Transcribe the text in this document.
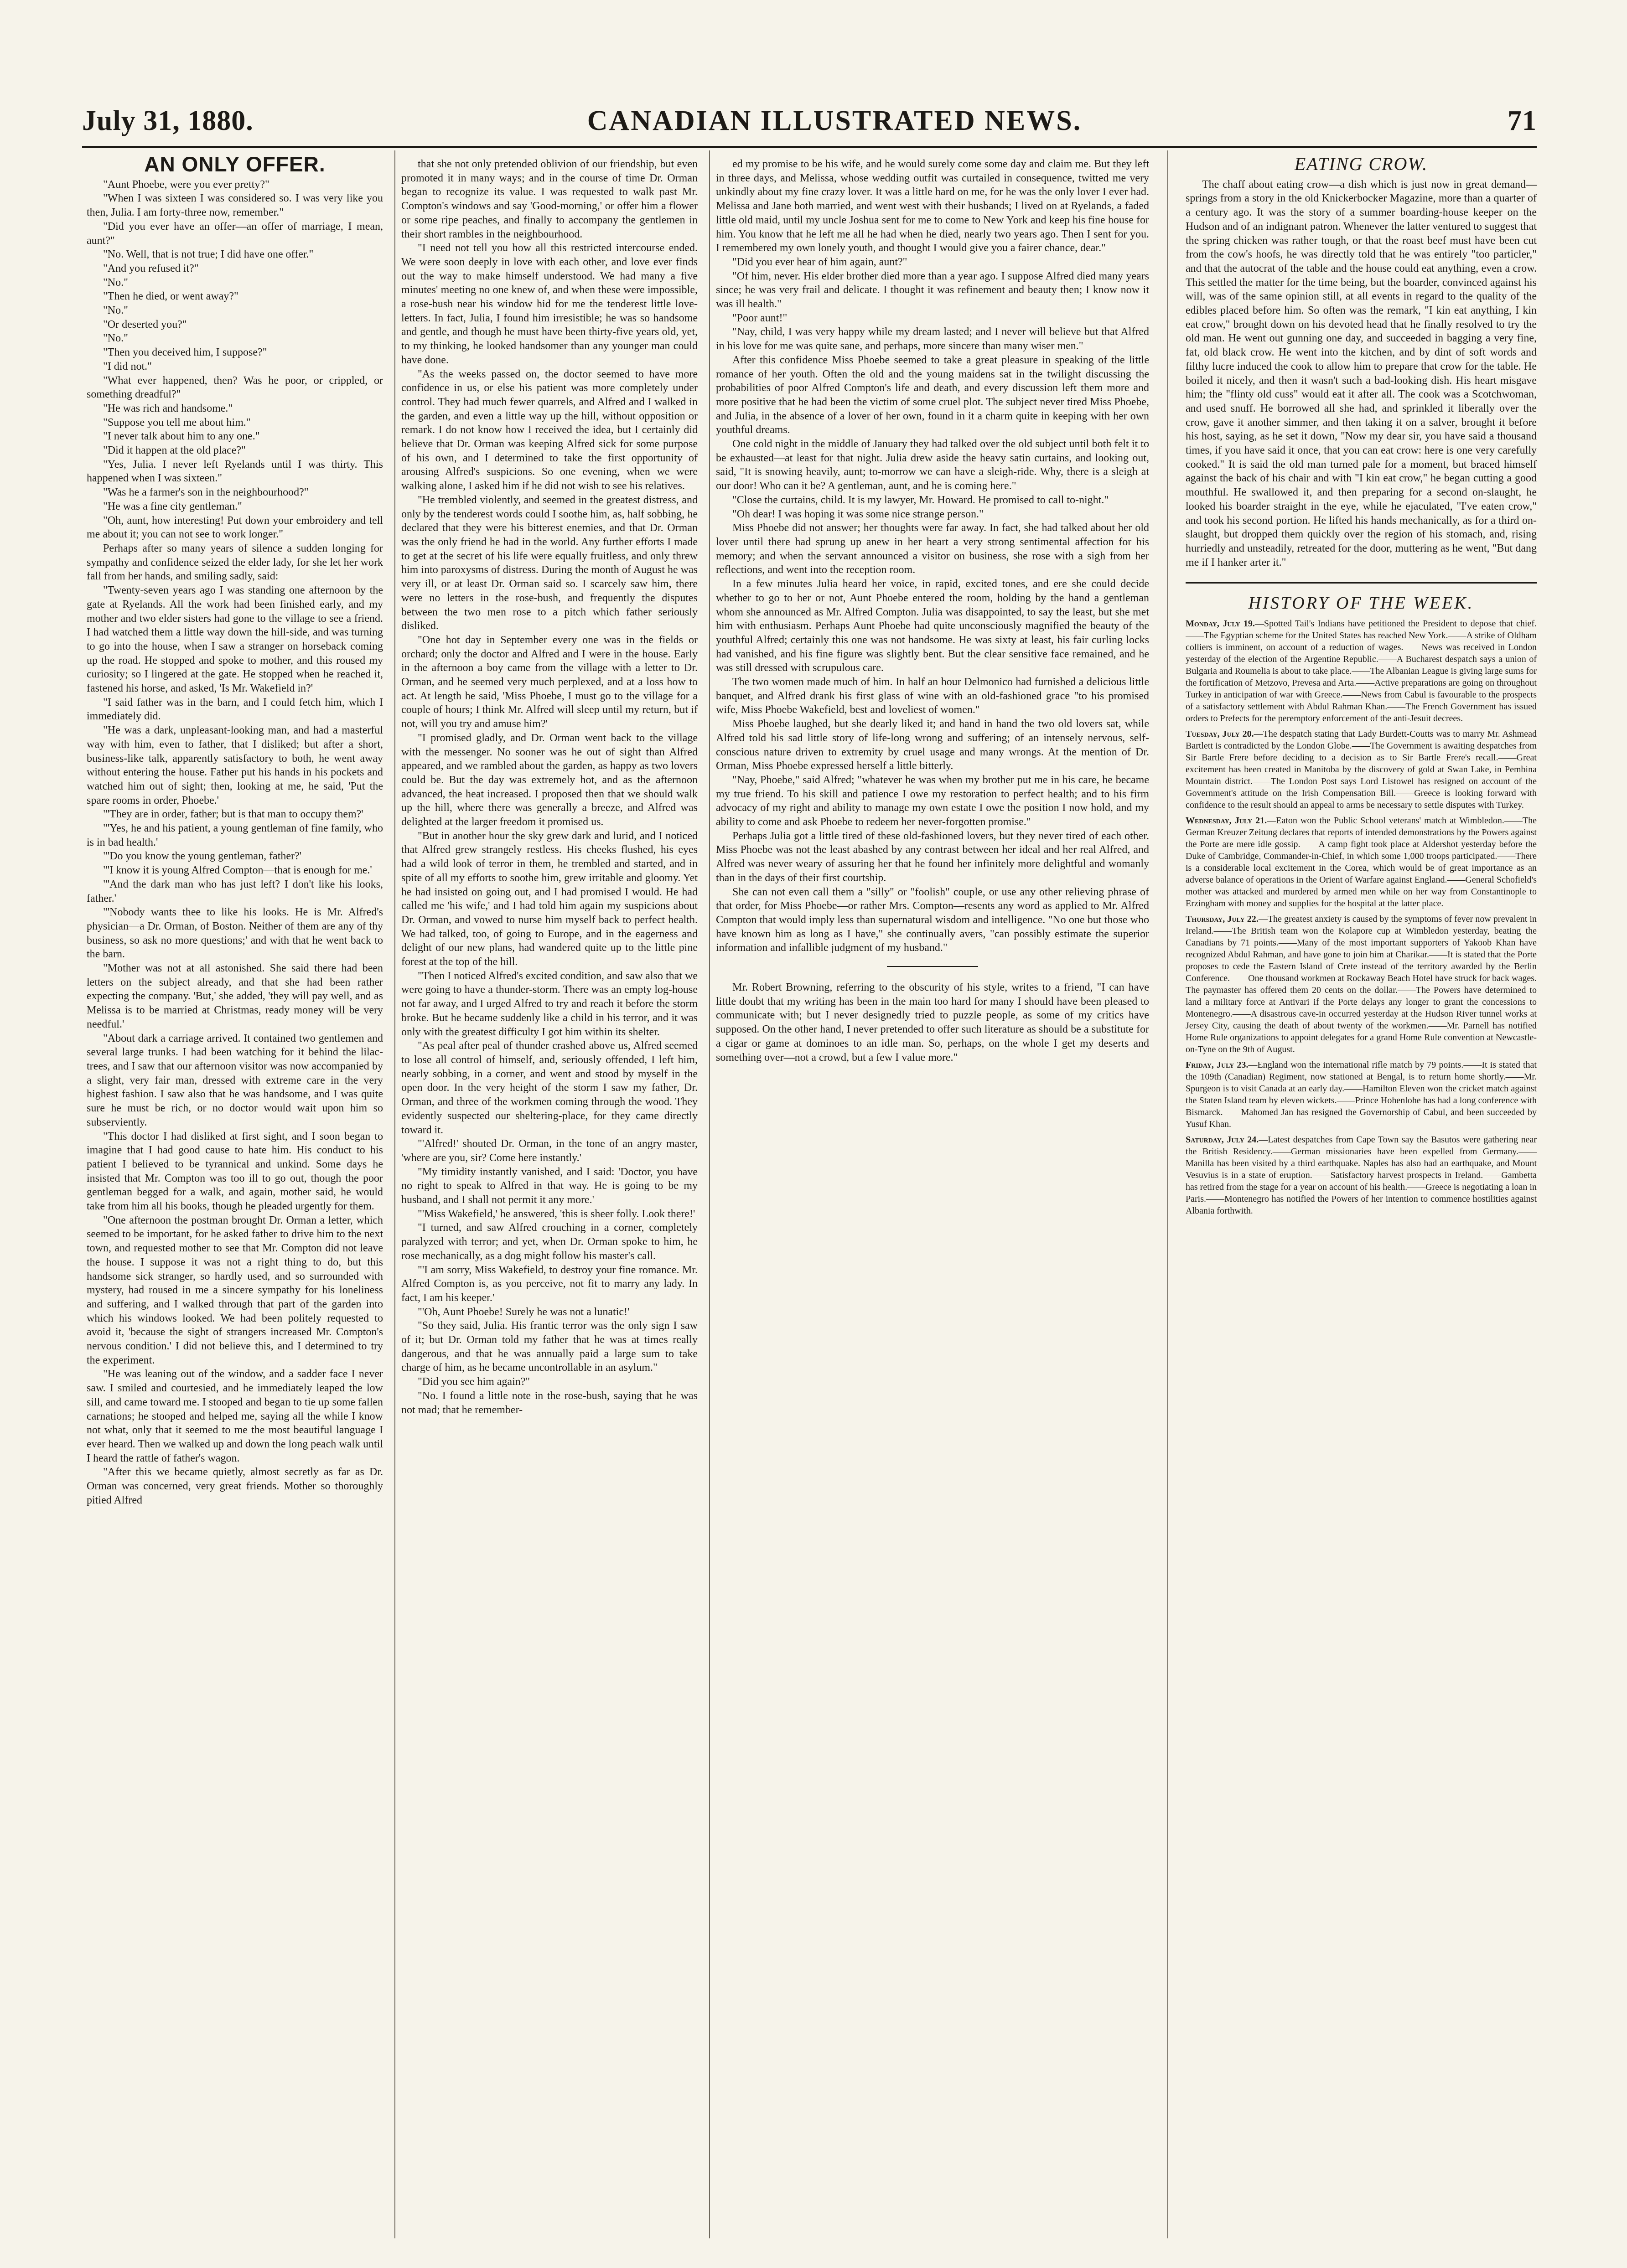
July 31, 1880.	CANADIAN ILLUSTRATED NEWS.	71
AN ONLY OFFER.

"Aunt Phoebe, were you ever pretty?"

"When I was sixteen I was considered so. I was very like you then, Julia. I am forty-three now, remember."

"Did you ever have an offer—an offer of marriage, I mean, aunt?"

"No. Well, that is not true; I did have one offer."

"And you refused it?"

"No."

"Then he died, or went away?"

"No."

"Or deserted you?"

"No."

"Then you deceived him, I suppose?"

"I did not."

"What ever happened, then? Was he poor, or crippled, or something dreadful?"

"He was rich and handsome."

"Suppose you tell me about him."

"I never talk about him to any one."

"Did it happen at the old place?"

"Yes, Julia. I never left Ryelands until I was thirty. This happened when I was sixteen."

"Was he a farmer's son in the neighbourhood?"

"He was a fine city gentleman."

"Oh, aunt, how interesting! Put down your embroidery and tell me about it; you can not see to work longer."

Perhaps after so many years of silence a sudden longing for sympathy and confidence seized the elder lady, for she let her work fall from her hands, and smiling sadly, said:

"Twenty-seven years ago I was standing one afternoon by the gate at Ryelands. All the work had been finished early, and my mother and two elder sisters had gone to the village to see a friend. I had watched them a little way down the hill-side, and was turning to go into the house, when I saw a stranger on horseback coming up the road. He stopped and spoke to mother, and this roused my curiosity; so I lingered at the gate. He stopped when he reached it, fastened his horse, and asked, 'Is Mr. Wakefield in?'

"I said father was in the barn, and I could fetch him, which I immediately did.

"He was a dark, unpleasant-looking man, and had a masterful way with him, even to father, that I disliked; but after a short, business-like talk, apparently satisfactory to both, he went away without entering the house. Father put his hands in his pockets and watched him out of sight; then, looking at me, he said, 'Put the spare rooms in order, Phoebe.'

"'They are in order, father; but is that man to occupy them?'

"'Yes, he and his patient, a young gentleman of fine family, who is in bad health.'

"'Do you know the young gentleman, father?'

"'I know it is young Alfred Compton—that is enough for me.'

"'And the dark man who has just left? I don't like his looks, father.'

"'Nobody wants thee to like his looks. He is Mr. Alfred's physician—a Dr. Orman, of Boston. Neither of them are any of thy business, so ask no more questions;' and with that he went back to the barn.

"Mother was not at all astonished. She said there had been letters on the subject already, and that she had been rather expecting the company. 'But,' she added, 'they will pay well, and as Melissa is to be married at Christmas, ready money will be very needful.'

"About dark a carriage arrived. It contained two gentlemen and several large trunks. I had been watching for it behind the lilac-trees, and I saw that our afternoon visitor was now accompanied by a slight, very fair man, dressed with extreme care in the very highest fashion. I saw also that he was handsome, and I was quite sure he must be rich, or no doctor would wait upon him so subserviently.

"This doctor I had disliked at first sight, and I soon began to imagine that I had good cause to hate him. His conduct to his patient I believed to be tyrannical and unkind. Some days he insisted that Mr. Compton was too ill to go out, though the poor gentleman begged for a walk, and again, mother said, he would take from him all his books, though he pleaded urgently for them.

"One afternoon the postman brought Dr. Orman a letter, which seemed to be important, for he asked father to drive him to the next town, and requested mother to see that Mr. Compton did not leave the house. I suppose it was not a right thing to do, but this handsome sick stranger, so hardly used, and so surrounded with mystery, had roused in me a sincere sympathy for his loneliness and suffering, and I walked through that part of the garden into which his windows looked. We had been politely requested to avoid it, 'because the sight of strangers increased Mr. Compton's nervous condition.' I did not believe this, and I determined to try the experiment.

"He was leaning out of the window, and a sadder face I never saw. I smiled and courtesied, and he immediately leaped the low sill, and came toward me. I stooped and began to tie up some fallen carnations; he stooped and helped me, saying all the while I know not what, only that it seemed to me the most beautiful language I ever heard. Then we walked up and down the long peach walk until I heard the rattle of father's wagon.

"After this we became quietly, almost secretly as far as Dr. Orman was concerned, very great friends. Mother so thoroughly pitied Alfred

that she not only pretended oblivion of our friendship, but even promoted it in many ways; and in the course of time Dr. Orman began to recognize its value. I was requested to walk past Mr. Compton's windows and say 'Good-morning,' or offer him a flower or some ripe peaches, and finally to accompany the gentlemen in their short rambles in the neighbourhood.

"I need not tell you how all this restricted intercourse ended. We were soon deeply in love with each other, and love ever finds out the way to make himself understood. We had many a five minutes' meeting no one knew of, and when these were impossible, a rose-bush near his window hid for me the tenderest little love-letters. In fact, Julia, I found him irresistible; he was so handsome and gentle, and though he must have been thirty-five years old, yet, to my thinking, he looked handsomer than any younger man could have done.

"As the weeks passed on, the doctor seemed to have more confidence in us, or else his patient was more completely under control. They had much fewer quarrels, and Alfred and I walked in the garden, and even a little way up the hill, without opposition or remark. I do not know how I received the idea, but I certainly did believe that Dr. Orman was keeping Alfred sick for some purpose of his own, and I determined to take the first opportunity of arousing Alfred's suspicions. So one evening, when we were walking alone, I asked him if he did not wish to see his relatives.

"He trembled violently, and seemed in the greatest distress, and only by the tenderest words could I soothe him, as, half sobbing, he declared that they were his bitterest enemies, and that Dr. Orman was the only friend he had in the world. Any further efforts I made to get at the secret of his life were equally fruitless, and only threw him into paroxysms of distress. During the month of August he was very ill, or at least Dr. Orman said so. I scarcely saw him, there were no letters in the rose-bush, and frequently the disputes between the two men rose to a pitch which father seriously disliked.

"One hot day in September every one was in the fields or orchard; only the doctor and Alfred and I were in the house. Early in the afternoon a boy came from the village with a letter to Dr. Orman, and he seemed very much perplexed, and at a loss how to act. At length he said, 'Miss Phoebe, I must go to the village for a couple of hours; I think Mr. Alfred will sleep until my return, but if not, will you try and amuse him?'

"I promised gladly, and Dr. Orman went back to the village with the messenger. No sooner was he out of sight than Alfred appeared, and we rambled about the garden, as happy as two lovers could be. But the day was extremely hot, and as the afternoon advanced, the heat increased. I proposed then that we should walk up the hill, where there was generally a breeze, and Alfred was delighted at the larger freedom it promised us.

"But in another hour the sky grew dark and lurid, and I noticed that Alfred grew strangely restless. His cheeks flushed, his eyes had a wild look of terror in them, he trembled and started, and in spite of all my efforts to soothe him, grew irritable and gloomy. Yet he had insisted on going out, and I had promised I would. He had called me 'his wife,' and I had told him again my suspicions about Dr. Orman, and vowed to nurse him myself back to perfect health. We had talked, too, of going to Europe, and in the eagerness and delight of our new plans, had wandered quite up to the little pine forest at the top of the hill.

"Then I noticed Alfred's excited condition, and saw also that we were going to have a thunder-storm. There was an empty log-house not far away, and I urged Alfred to try and reach it before the storm broke. But he became suddenly like a child in his terror, and it was only with the greatest difficulty I got him within its shelter.

"As peal after peal of thunder crashed above us, Alfred seemed to lose all control of himself, and, seriously offended, I left him, nearly sobbing, in a corner, and went and stood by myself in the open door. In the very height of the storm I saw my father, Dr. Orman, and three of the workmen coming through the wood. They evidently suspected our sheltering-place, for they came directly toward it.

"'Alfred!' shouted Dr. Orman, in the tone of an angry master, 'where are you, sir? Come here instantly.'

"My timidity instantly vanished, and I said: 'Doctor, you have no right to speak to Alfred in that way. He is going to be my husband, and I shall not permit it any more.'

"'Miss Wakefield,' he answered, 'this is sheer folly. Look there!'

"I turned, and saw Alfred crouching in a corner, completely paralyzed with terror; and yet, when Dr. Orman spoke to him, he rose mechanically, as a dog might follow his master's call.

"'I am sorry, Miss Wakefield, to destroy your fine romance. Mr. Alfred Compton is, as you perceive, not fit to marry any lady. In fact, I am his keeper.'

"'Oh, Aunt Phoebe! Surely he was not a lunatic!'

"So they said, Julia. His frantic terror was the only sign I saw of it; but Dr. Orman told my father that he was at times really dangerous, and that he was annually paid a large sum to take charge of him, as he became uncontrollable in an asylum."

"Did you see him again?"

"No. I found a little note in the rose-bush, saying that he was not mad; that he remember-

ed my promise to be his wife, and he would surely come some day and claim me. But they left in three days, and Melissa, whose wedding outfit was curtailed in consequence, twitted me very unkindly about my fine crazy lover. It was a little hard on me, for he was the only lover I ever had. Melissa and Jane both married, and went west with their husbands; I lived on at Ryelands, a faded little old maid, until my uncle Joshua sent for me to come to New York and keep his fine house for him. You know that he left me all he had when he died, nearly two years ago. Then I sent for you. I remembered my own lonely youth, and thought I would give you a fairer chance, dear."

"Did you ever hear of him again, aunt?"

"Of him, never. His elder brother died more than a year ago. I suppose Alfred died many years since; he was very frail and delicate. I thought it was refinement and beauty then; I know now it was ill health."

"Poor aunt!"

"Nay, child, I was very happy while my dream lasted; and I never will believe but that Alfred in his love for me was quite sane, and perhaps, more sincere than many wiser men."

After this confidence Miss Phoebe seemed to take a great pleasure in speaking of the little romance of her youth. Often the old and the young maidens sat in the twilight discussing the probabilities of poor Alfred Compton's life and death, and every discussion left them more and more positive that he had been the victim of some cruel plot. The subject never tired Miss Phoebe, and Julia, in the absence of a lover of her own, found in it a charm quite in keeping with her own youthful dreams.

One cold night in the middle of January they had talked over the old subject until both felt it to be exhausted—at least for that night. Julia drew aside the heavy satin curtains, and looking out, said, "It is snowing heavily, aunt; to-morrow we can have a sleigh-ride. Why, there is a sleigh at our door! Who can it be? A gentleman, aunt, and he is coming here."

"Close the curtains, child. It is my lawyer, Mr. Howard. He promised to call to-night."

"Oh dear! I was hoping it was some nice strange person."

Miss Phoebe did not answer; her thoughts were far away. In fact, she had talked about her old lover until there had sprung up anew in her heart a very strong sentimental affection for his memory; and when the servant announced a visitor on business, she rose with a sigh from her reflections, and went into the reception room.

In a few minutes Julia heard her voice, in rapid, excited tones, and ere she could decide whether to go to her or not, Aunt Phoebe entered the room, holding by the hand a gentleman whom she announced as Mr. Alfred Compton. Julia was disappointed, to say the least, but she met him with enthusiasm. Perhaps Aunt Phoebe had quite unconsciously magnified the beauty of the youthful Alfred; certainly this one was not handsome. He was sixty at least, his fair curling locks had vanished, and his fine figure was slightly bent. But the clear sensitive face remained, and he was still dressed with scrupulous care.

The two women made much of him. In half an hour Delmonico had furnished a delicious little banquet, and Alfred drank his first glass of wine with an old-fashioned grace "to his promised wife, Miss Phoebe Wakefield, best and loveliest of women."

Miss Phoebe laughed, but she dearly liked it; and hand in hand the two old lovers sat, while Alfred told his sad little story of life-long wrong and suffering; of an intensely nervous, self-conscious nature driven to extremity by cruel usage and many wrongs. At the mention of Dr. Orman, Miss Phoebe expressed herself a little bitterly.

"Nay, Phoebe," said Alfred; "whatever he was when my brother put me in his care, he became my true friend. To his skill and patience I owe my restoration to perfect health; and to his firm advocacy of my right and ability to manage my own estate I owe the position I now hold, and my ability to come and ask Phoebe to redeem her never-forgotten promise."

Perhaps Julia got a little tired of these old-fashioned lovers, but they never tired of each other. Miss Phoebe was not the least abashed by any contrast between her ideal and her real Alfred, and Alfred was never weary of assuring her that he found her infinitely more delightful and womanly than in the days of their first courtship.

She can not even call them a "silly" or "foolish" couple, or use any other relieving phrase of that order, for Miss Phoebe—or rather Mrs. Compton—resents any word as applied to Mr. Alfred Compton that would imply less than supernatural wisdom and intelligence. "No one but those who have known him as long as I have," she continually avers, "can possibly estimate the superior information and infallible judgment of my husband."

Mr. Robert Browning, referring to the obscurity of his style, writes to a friend, "I can have little doubt that my writing has been in the main too hard for many I should have been pleased to communicate with; but I never designedly tried to puzzle people, as some of my critics have supposed. On the other hand, I never pretended to offer such literature as should be a substitute for a cigar or game at dominoes to an idle man. So, perhaps, on the whole I get my deserts and something over—not a crowd, but a few I value more."

EATING CROW.

The chaff about eating crow—a dish which is just now in great demand—springs from a story in the old Knickerbocker Magazine, more than a quarter of a century ago. It was the story of a summer boarding-house keeper on the Hudson and of an indignant patron. Whenever the latter ventured to suggest that the spring chicken was rather tough, or that the roast beef must have been cut from the cow's hoofs, he was directly told that he was entirely "too particler," and that the autocrat of the table and the house could eat anything, even a crow. This settled the matter for the time being, but the boarder, convinced against his will, was of the same opinion still, at all events in regard to the quality of the edibles placed before him. So often was the remark, "I kin eat anything, I kin eat crow," brought down on his devoted head that he finally resolved to try the old man. He went out gunning one day, and succeeded in bagging a very fine, fat, old black crow. He went into the kitchen, and by dint of soft words and filthy lucre induced the cook to allow him to prepare that crow for the table. He boiled it nicely, and then it wasn't such a bad-looking dish. His heart misgave him; the "flinty old cuss" would eat it after all. The cook was a Scotchwoman, and used snuff. He borrowed all she had, and sprinkled it liberally over the crow, gave it another simmer, and then taking it on a salver, brought it before his host, saying, as he set it down, "Now my dear sir, you have said a thousand times, if you have said it once, that you can eat crow: here is one very carefully cooked." It is said the old man turned pale for a moment, but braced himself against the back of his chair and with "I kin eat crow," he began cutting a good mouthful. He swallowed it, and then preparing for a second on-slaught, he looked his boarder straight in the eye, while he ejaculated, "I've eaten crow," and took his second portion. He lifted his hands mechanically, as for a third on-slaught, but dropped them quickly over the region of his stomach, and, rising hurriedly and unsteadily, retreated for the door, muttering as he went, "But dang me if I hanker arter it."

HISTORY OF THE WEEK.

Monday, July 19.—Spotted Tail's Indians have petitioned the President to depose that chief.——The Egyptian scheme for the United States has reached New York.——A strike of Oldham colliers is imminent, on account of a reduction of wages.——News was received in London yesterday of the election of the Argentine Republic.——A Bucharest despatch says a union of Bulgaria and Roumelia is about to take place.——The Albanian League is giving large sums for the fortification of Metzovo, Prevesa and Arta.——Active preparations are going on throughout Turkey in anticipation of war with Greece.——News from Cabul is favourable to the prospects of a satisfactory settlement with Abdul Rahman Khan.——The French Government has issued orders to Prefects for the peremptory enforcement of the anti-Jesuit decrees.

Tuesday, July 20.—The despatch stating that Lady Burdett-Coutts was to marry Mr. Ashmead Bartlett is contradicted by the London Globe.——The Government is awaiting despatches from Sir Bartle Frere before deciding to a decision as to Sir Bartle Frere's recall.——Great excitement has been created in Manitoba by the discovery of gold at Swan Lake, in Pembina Mountain district.——The London Post says Lord Listowel has resigned on account of the Government's attitude on the Irish Compensation Bill.——Greece is looking forward with confidence to the result should an appeal to arms be necessary to settle disputes with Turkey.

Wednesday, July 21.—Eaton won the Public School veterans' match at Wimbledon.——The German Kreuzer Zeitung declares that reports of intended demonstrations by the Powers against the Porte are mere idle gossip.——A camp fight took place at Aldershot yesterday before the Duke of Cambridge, Commander-in-Chief, in which some 1,000 troops participated.——There is a considerable local excitement in the Corea, which would be of great importance as an adverse balance of operations in the Orient of Warfare against England.——General Schofield's mother was attacked and murdered by armed men while on her way from Constantinople to Erzingham with money and supplies for the hospital at the latter place.

Thursday, July 22.—The greatest anxiety is caused by the symptoms of fever now prevalent in Ireland.——The British team won the Kolapore cup at Wimbledon yesterday, beating the Canadians by 71 points.——Many of the most important supporters of Yakoob Khan have recognized Abdul Rahman, and have gone to join him at Charikar.——It is stated that the Porte proposes to cede the Eastern Island of Crete instead of the territory awarded by the Berlin Conference.——One thousand workmen at Rockaway Beach Hotel have struck for back wages. The paymaster has offered them 20 cents on the dollar.——The Powers have determined to land a military force at Antivari if the Porte delays any longer to grant the concessions to Montenegro.——A disastrous cave-in occurred yesterday at the Hudson River tunnel works at Jersey City, causing the death of about twenty of the workmen.——Mr. Parnell has notified Home Rule organizations to appoint delegates for a grand Home Rule convention at Newcastle-on-Tyne on the 9th of August.

Friday, July 23.—England won the international rifle match by 79 points.——It is stated that the 109th (Canadian) Regiment, now stationed at Bengal, is to return home shortly.——Mr. Spurgeon is to visit Canada at an early day.——Hamilton Eleven won the cricket match against the Staten Island team by eleven wickets.——Prince Hohenlohe has had a long conference with Bismarck.——Mahomed Jan has resigned the Governorship of Cabul, and been succeeded by Yusuf Khan.

Saturday, July 24.—Latest despatches from Cape Town say the Basutos were gathering near the British Residency.——German missionaries have been expelled from Germany.——Manilla has been visited by a third earthquake. Naples has also had an earthquake, and Mount Vesuvius is in a state of eruption.——Satisfactory harvest prospects in Ireland.——Gambetta has retired from the stage for a year on account of his health.——Greece is negotiating a loan in Paris.——Montenegro has notified the Powers of her intention to commence hostilities against Albania forthwith.
